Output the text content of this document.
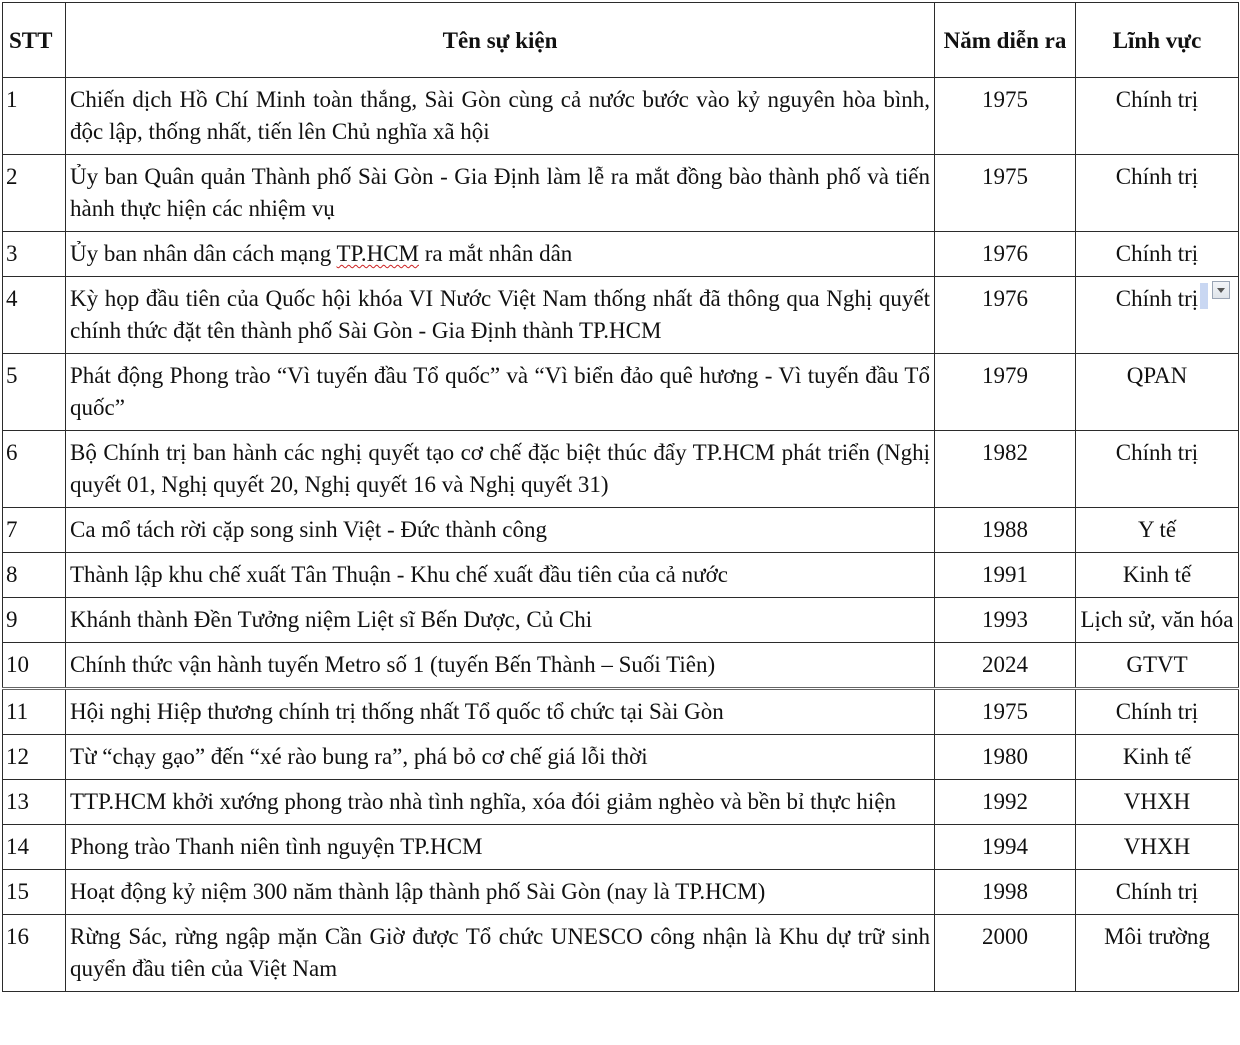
STT	Tên sự kiện	Năm diễn ra	Lĩnh vực
1	Chiến dịch Hồ Chí Minh toàn thắng, Sài Gòn cùng cả nước bước vào kỷ nguyên hòa bình, độc lập, thống nhất, tiến lên Chủ nghĩa xã hội	1975	Chính trị
2	Ủy ban Quân quản Thành phố Sài Gòn - Gia Định làm lễ ra mắt đồng bào thành phố và tiến hành thực hiện các nhiệm vụ	1975	Chính trị
3	Ủy ban nhân dân cách mạng TP.HCM ra mắt nhân dân	1976	Chính trị
4	Kỳ họp đầu tiên của Quốc hội khóa VI Nước Việt Nam thống nhất đã thông qua Nghị quyết chính thức đặt tên thành phố Sài Gòn - Gia Định thành TP.HCM	1976	Chính trị

5	Phát động Phong trào “Vì tuyến đầu Tổ quốc” và “Vì biển đảo quê hương - Vì tuyến đầu Tổ quốc”	1979	QPAN
6	Bộ Chính trị ban hành các nghị quyết tạo cơ chế đặc biệt thúc đẩy TP.HCM phát triển (Nghị quyết 01, Nghị quyết 20, Nghị quyết 16 và Nghị quyết 31)	1982	Chính trị
7	Ca mổ tách rời cặp song sinh Việt - Đức thành công	1988	Y tế
8	Thành lập khu chế xuất Tân Thuận - Khu chế xuất đầu tiên của cả nước	1991	Kinh tế
9	Khánh thành Đền Tưởng niệm Liệt sĩ Bến Dược, Củ Chi	1993	Lịch sử, văn hóa
10	Chính thức vận hành tuyến Metro số 1 (tuyến Bến Thành – Suối Tiên)	2024	GTVT
11	Hội nghị Hiệp thương chính trị thống nhất Tổ quốc tổ chức tại Sài Gòn	1975	Chính trị
12	Từ “chạy gạo” đến “xé rào bung ra”, phá bỏ cơ chế giá lỗi thời	1980	Kinh tế
13	TTP.HCM khởi xướng phong trào nhà tình nghĩa, xóa đói giảm nghèo và bền bỉ thực hiện	1992	VHXH
14	Phong trào Thanh niên tình nguyện TP.HCM	1994	VHXH
15	Hoạt động kỷ niệm 300 năm thành lập thành phố Sài Gòn (nay là TP.HCM)	1998	Chính trị
16	Rừng Sác, rừng ngập mặn Cần Giờ được Tổ chức UNESCO công nhận là Khu dự trữ sinh quyển đầu tiên của Việt Nam	2000	Môi trường
